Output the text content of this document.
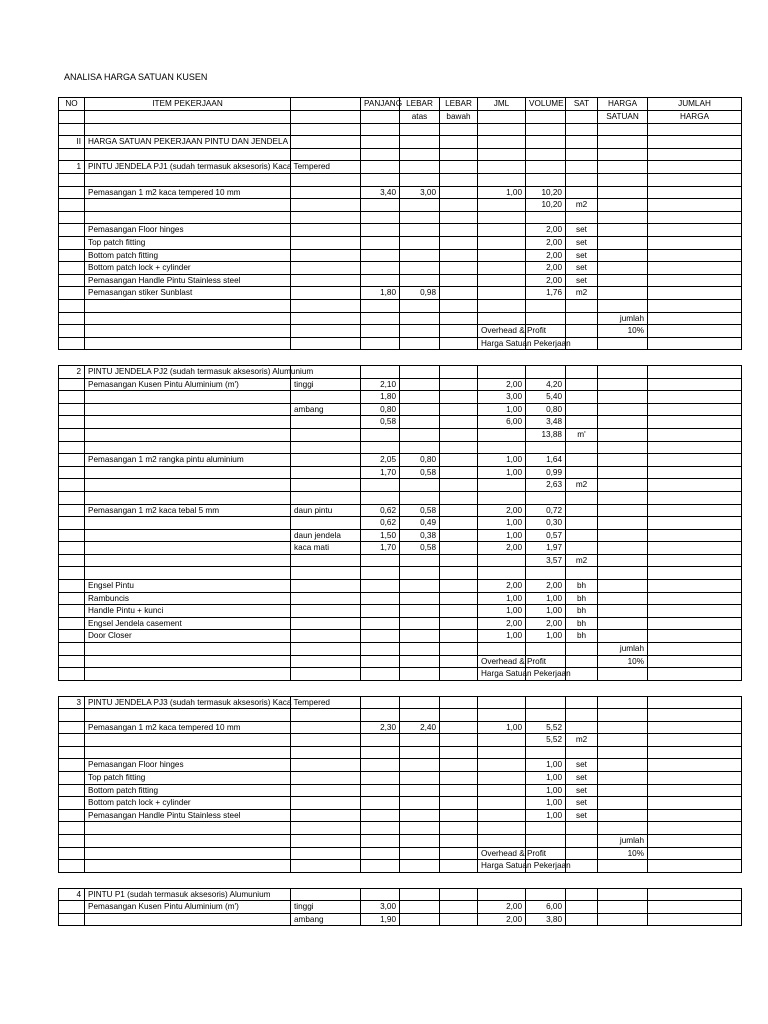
ANALISA HARGA SATUAN KUSEN
NO	ITEM PEKERJAAN		PANJANG	LEBAR	LEBAR	JML	VOLUME	SAT	HARGA	JUMLAH
				atas	bawah				SATUAN	HARGA

II	HARGA SATUAN PEKERJAAN PINTU DAN JENDELA									

1	PINTU JENDELA PJ1 (sudah termasuk aksesoris) Kaca Tempered									

	Pemasangan 1 m2 kaca tempered 10 mm		3,40	3,00		1,00	10,20			
							10,20	m2		

	Pemasangan Floor hinges						2,00	set		
	Top patch fitting						2,00	set		
	Bottom patch fitting						2,00	set		
	Bottom patch lock + cylinder						2,00	set		
	Pemasangan Handle Pintu Stainless steel						2,00	set		
	Pemasangan stiker Sunblast		1,80	0,98			1,76	m2		

									jumlah	
						Overhead & Profit			10%	
						Harga Satuan Pekerjaan				
2	PINTU JENDELA PJ2 (sudah termasuk aksesoris) Alumunium									
	Pemasangan Kusen Pintu Aluminium (m')	tinggi	2,10			2,00	4,20			
			1,80			3,00	5,40			
		ambang	0,80			1,00	0,80			
			0,58			6,00	3,48			
							13,88	m'		

	Pemasangan 1 m2 rangka pintu aluminium		2,05	0,80		1,00	1,64			
			1,70	0,58		1,00	0,99			
							2,63	m2		

	Pemasangan 1 m2 kaca tebal 5 mm	daun pintu	0,62	0,58		2,00	0,72			
			0,62	0,49		1,00	0,30			
		daun jendela	1,50	0,38		1,00	0,57			
		kaca mati	1,70	0,58		2,00	1,97			
							3,57	m2		

	Engsel Pintu					2,00	2,00	bh		
	Rambuncis					1,00	1,00	bh		
	Handle Pintu + kunci					1,00	1,00	bh		
	Engsel Jendela casement					2,00	2,00	bh		
	Door Closer					1,00	1,00	bh		
									jumlah	
						Overhead & Profit			10%	
						Harga Satuan Pekerjaan				
3	PINTU JENDELA PJ3 (sudah termasuk aksesoris) Kaca Tempered									

	Pemasangan 1 m2 kaca tempered 10 mm		2,30	2,40		1,00	5,52			
							5,52	m2		

	Pemasangan Floor hinges						1,00	set		
	Top patch fitting						1,00	set		
	Bottom patch fitting						1,00	set		
	Bottom patch lock + cylinder						1,00	set		
	Pemasangan Handle Pintu Stainless steel						1,00	set		

									jumlah	
						Overhead & Profit			10%	
						Harga Satuan Pekerjaan				
4	PINTU P1 (sudah termasuk aksesoris) Alumunium									
	Pemasangan Kusen Pintu Aluminium (m')	tinggi	3,00			2,00	6,00			
		ambang	1,90			2,00	3,80			
